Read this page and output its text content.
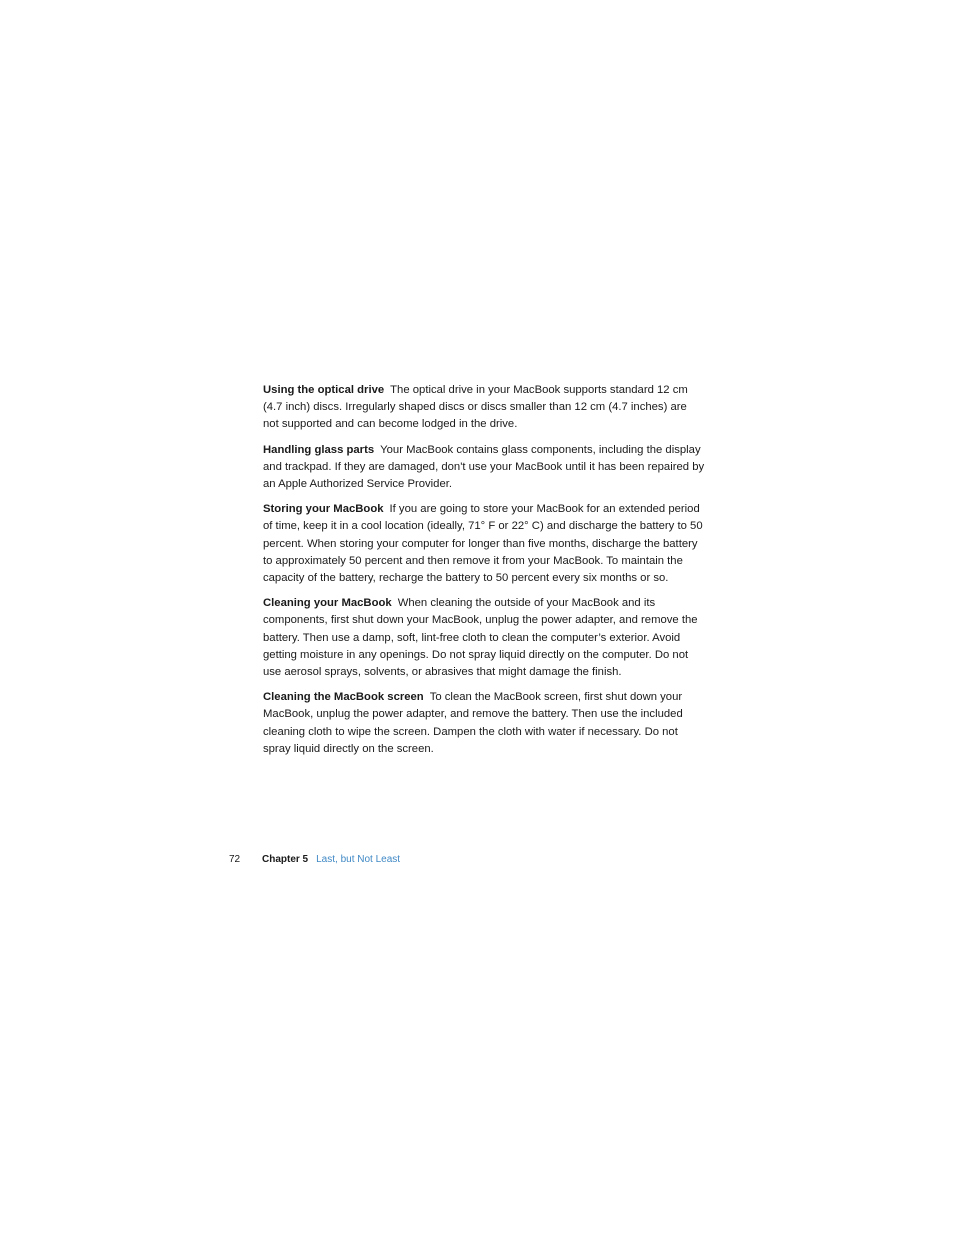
Using the optical drive The optical drive in your MacBook supports standard 12 cm (4.7 inch) discs. Irregularly shaped discs or discs smaller than 12 cm (4.7 inches) are not supported and can become lodged in the drive.

Handling glass parts Your MacBook contains glass components, including the display and trackpad. If they are damaged, don't use your MacBook until it has been repaired by an Apple Authorized Service Provider.

Storing your MacBook If you are going to store your MacBook for an extended period of time, keep it in a cool location (ideally, 71° F or 22° C) and discharge the battery to 50 percent. When storing your computer for longer than five months, discharge the battery to approximately 50 percent and then remove it from your MacBook. To maintain the capacity of the battery, recharge the battery to 50 percent every six months or so.

Cleaning your MacBook When cleaning the outside of your MacBook and its components, first shut down your MacBook, unplug the power adapter, and remove the battery. Then use a damp, soft, lint-free cloth to clean the computer’s exterior. Avoid getting moisture in any openings. Do not spray liquid directly on the computer. Do not use aerosol sprays, solvents, or abrasives that might damage the finish.

Cleaning the MacBook screen To clean the MacBook screen, first shut down your MacBook, unplug the power adapter, and remove the battery. Then use the included cleaning cloth to wipe the screen. Dampen the cloth with water if necessary. Do not spray liquid directly on the screen.

72 Chapter 5 Last, but Not Least
